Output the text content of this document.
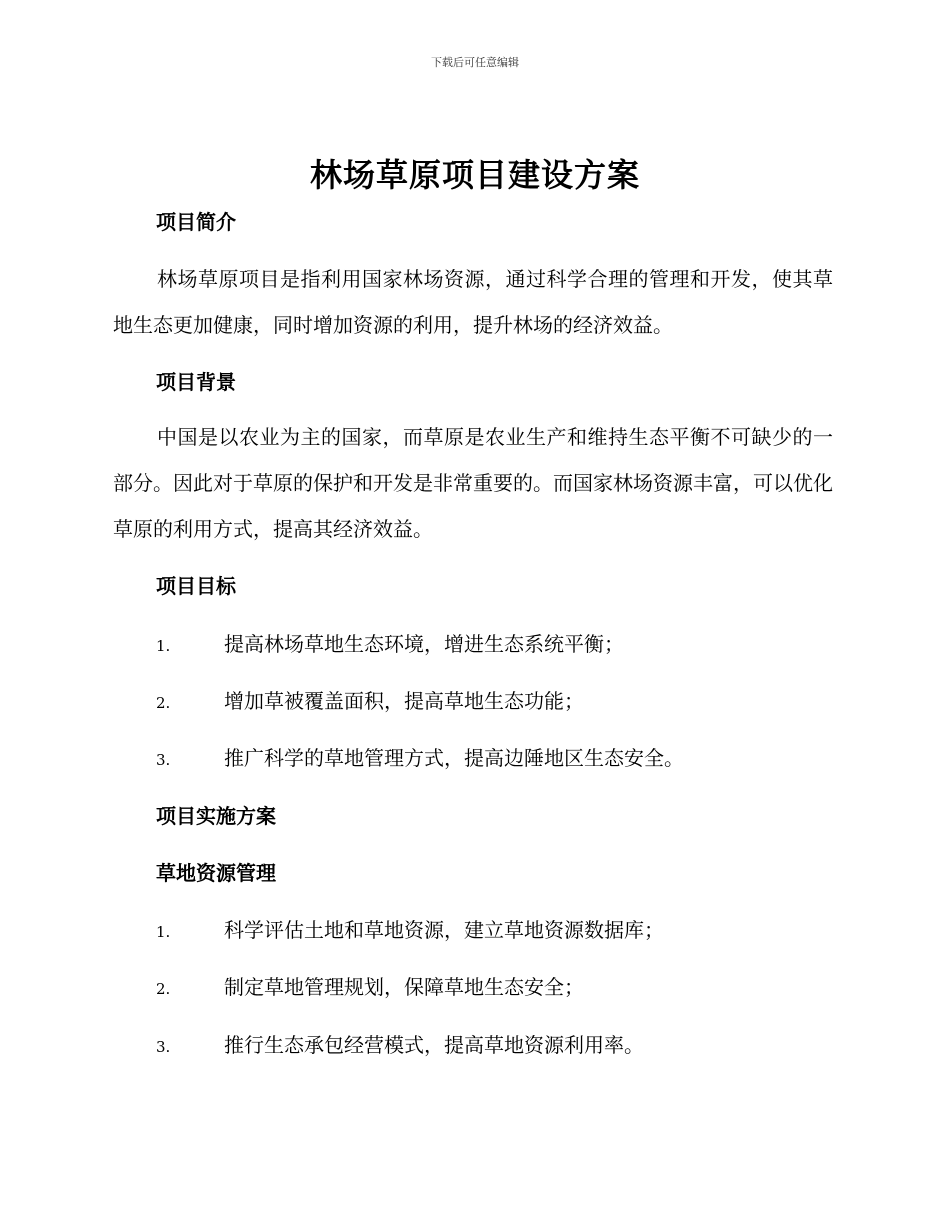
下载后可任意编辑
林场草原项目建设方案
项目简介
林场草原项目是指利用国家林场资源，通过科学合理的管理和开发，使其草地生态更加健康，同时增加资源的利用，提升林场的经济效益。
项目背景
中国是以农业为主的国家，而草原是农业生产和维持生态平衡不可缺少的一部分。因此对于草原的保护和开发是非常重要的。而国家林场资源丰富，可以优化草原的利用方式，提高其经济效益。
项目目标
1.	提高林场草地生态环境，增进生态系统平衡；
2.	增加草被覆盖面积，提高草地生态功能；
3.	推广科学的草地管理方式，提高边陲地区生态安全。
项目实施方案
草地资源管理
1.	科学评估土地和草地资源，建立草地资源数据库；
2.	制定草地管理规划，保障草地生态安全；
3.	推行生态承包经营模式，提高草地资源利用率。
